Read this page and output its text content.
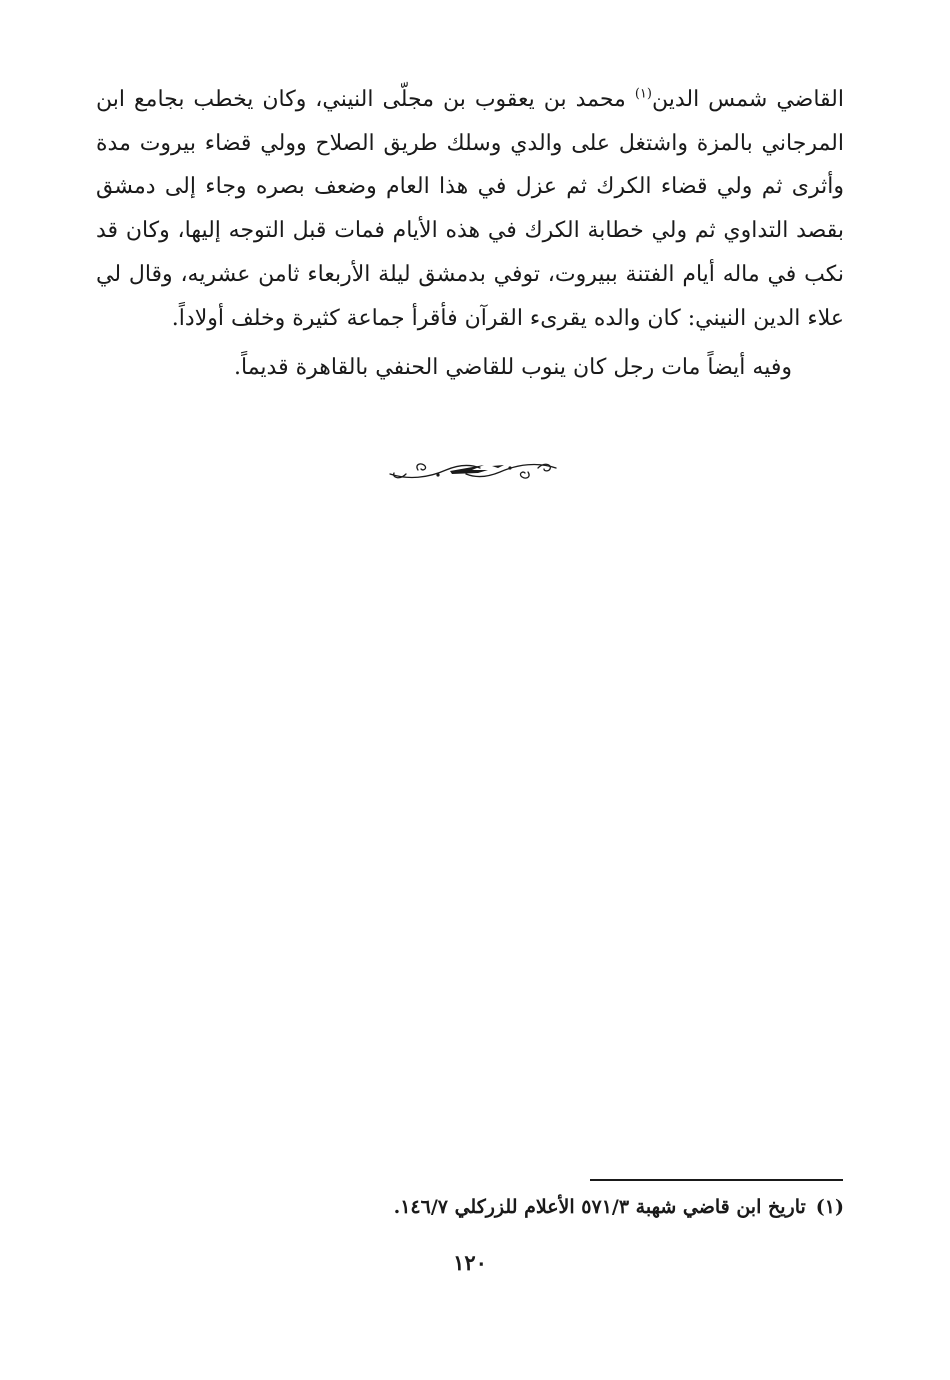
القاضي شمس الدين$^{(١)}$ محمد بن يعقوب بن مجلّى النيني، وكان يخطب بجامع ابن المرجاني بالمزة واشتغل على والدي وسلك طريق الصلاح وولي قضاء بيروت مدة وأثرى ثم ولي قضاء الكرك ثم عزل في هذا العام وضعف بصره وجاء إلى دمشق بقصد التداوي ثم ولي خطابة الكرك في هذه الأيام فمات قبل التوجه إليها، وكان قد نكب في ماله أيام الفتنة ببيروت، توفي بدمشق ليلة الأربعاء ثامن عشريه، وقال لي علاء الدين النيني: كان والده يقرىء القرآن فأقرأ جماعة كثيرة وخلف أولاداً.

وفيه أيضاً مات رجل كان ينوب للقاضي الحنفي بالقاهرة قديماً.

(١)تاريخ ابن قاضي شهبة ٥٧١/٣ الأعلام للزركلي ١٤٦/٧.

١٢٠
